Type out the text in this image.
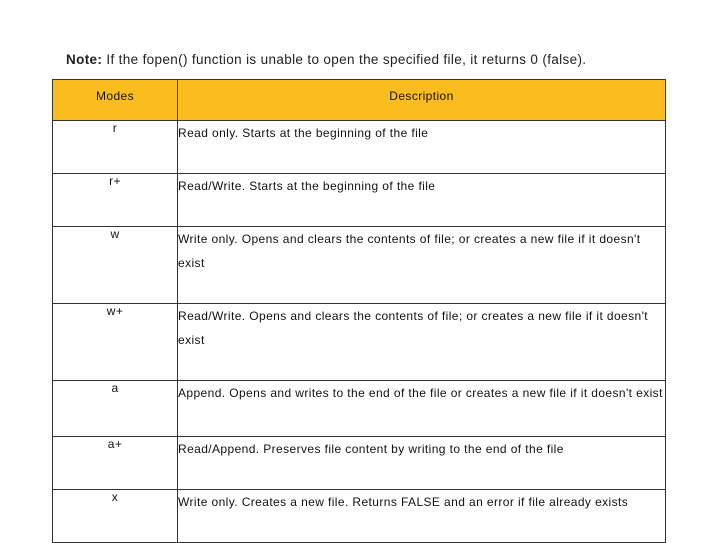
Note: If the fopen() function is unable to open the specified file, it returns 0 (false).
Modes	Description
r	Read only. Starts at the beginning of the file
r+	Read/Write. Starts at the beginning of the file
w	Write only. Opens and clears the contents of file; or creates a new file if it doesn't exist
w+	Read/Write. Opens and clears the contents of file; or creates a new file if it doesn't exist
a	Append. Opens and writes to the end of the file or creates a new file if it doesn't exist
a+	Read/Append. Preserves file content by writing to the end of the file
x	Write only. Creates a new file. Returns FALSE and an error if file already exists
